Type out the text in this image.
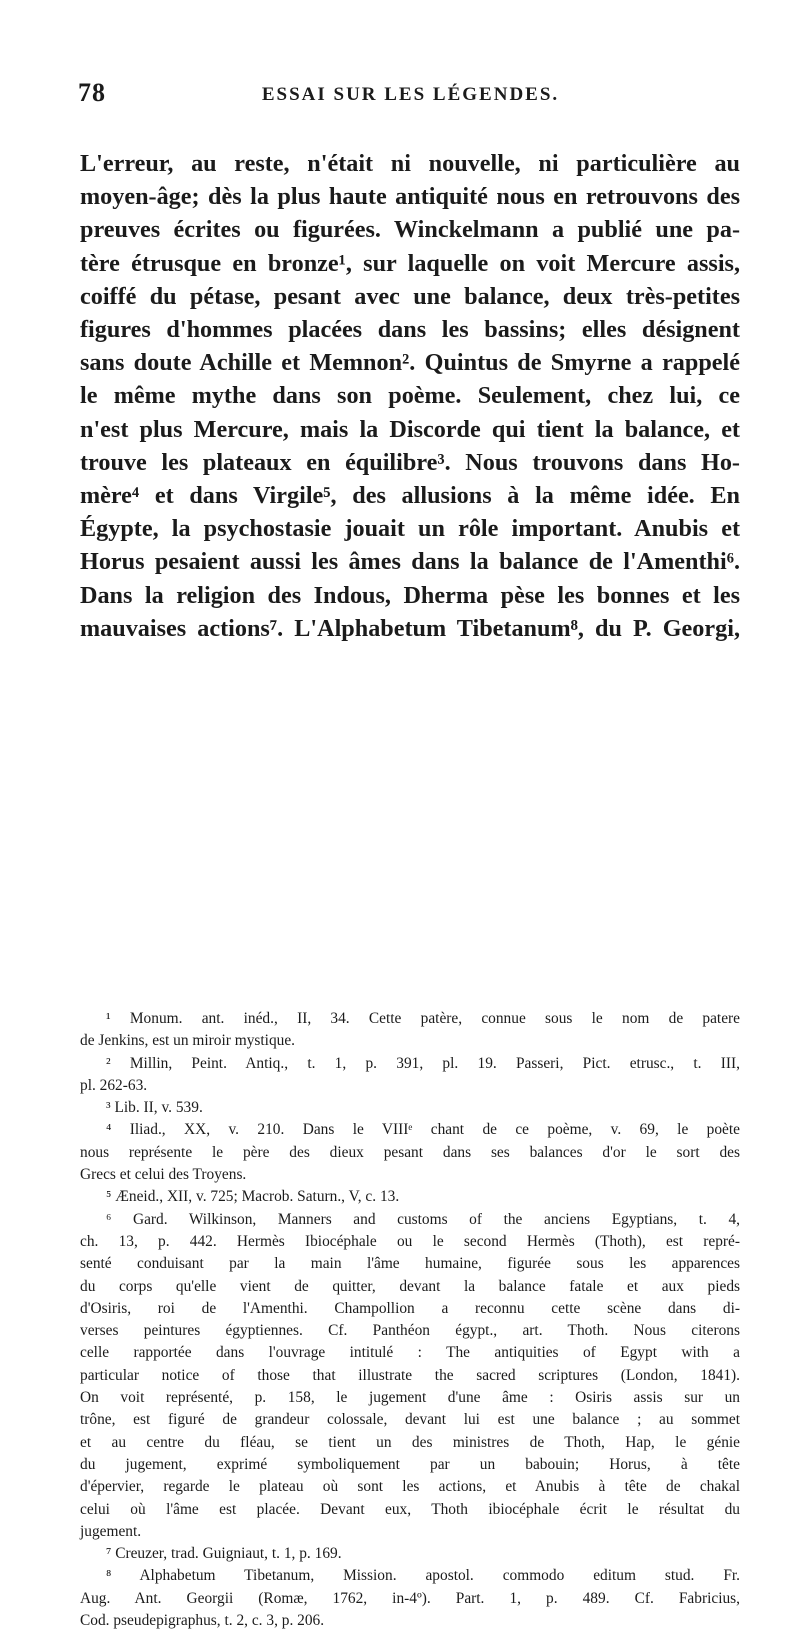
78	ESSAI SUR LES LÉGENDES.
L'erreur, au reste, n'était ni nouvelle, ni particulière au
moyen-âge; dès la plus haute antiquité nous en retrouvons des
preuves écrites ou figurées. Winckelmann a publié une pa-
tère étrusque en bronze¹, sur laquelle on voit Mercure assis,
coiffé du pétase, pesant avec une balance, deux très-petites
figures d'hommes placées dans les bassins; elles désignent
sans doute Achille et Memnon². Quintus de Smyrne a rappelé
le même mythe dans son poème. Seulement, chez lui, ce
n'est plus Mercure, mais la Discorde qui tient la balance, et
trouve les plateaux en équilibre³. Nous trouvons dans Ho-
mère⁴ et dans Virgile⁵, des allusions à la même idée. En
Égypte, la psychostasie jouait un rôle important. Anubis et
Horus pesaient aussi les âmes dans la balance de l'Amenthi⁶.
Dans la religion des Indous, Dherma pèse les bonnes et les
mauvaises actions⁷. L'Alphabetum Tibetanum⁸, du P. Georgi,
¹ Monum. ant. inéd., II, 34. Cette patère, connue sous le nom de patere
de Jenkins, est un miroir mystique.
² Millin, Peint. Antiq., t. 1, p. 391, pl. 19. Passeri, Pict. etrusc., t. III,
pl. 262-63.
³ Lib. II, v. 539.
⁴ Iliad., XX, v. 210. Dans le VIIIᵉ chant de ce poème, v. 69, le poète
nous représente le père des dieux pesant dans ses balances d'or le sort des
Grecs et celui des Troyens.
⁵ Æneid., XII, v. 725; Macrob. Saturn., V, c. 13.
⁶ Gard. Wilkinson, Manners and customs of the anciens Egyptians, t. 4,
ch. 13, p. 442. Hermès Ibiocéphale ou le second Hermès (Thoth), est repré-
senté conduisant par la main l'âme humaine, figurée sous les apparences
du corps qu'elle vient de quitter, devant la balance fatale et aux pieds
d'Osiris, roi de l'Amenthi. Champollion a reconnu cette scène dans di-
verses peintures égyptiennes. Cf. Panthéon égypt., art. Thoth. Nous citerons
celle rapportée dans l'ouvrage intitulé : The antiquities of Egypt with a
particular notice of those that illustrate the sacred scriptures (London, 1841).
On voit représenté, p. 158, le jugement d'une âme : Osiris assis sur un
trône, est figuré de grandeur colossale, devant lui est une balance ; au sommet
et au centre du fléau, se tient un des ministres de Thoth, Hap, le génie
du jugement, exprimé symboliquement par un babouin; Horus, à tête
d'épervier, regarde le plateau où sont les actions, et Anubis à tête de chakal
celui où l'âme est placée. Devant eux, Thoth ibiocéphale écrit le résultat du
jugement.
⁷ Creuzer, trad. Guigniaut, t. 1, p. 169.
⁸ Alphabetum Tibetanum, Mission. apostol. commodo editum stud. Fr.
Aug. Ant. Georgii (Romæ, 1762, in-4º). Part. 1, p. 489. Cf. Fabricius,
Cod. pseudepigraphus, t. 2, c. 3, p. 206.
